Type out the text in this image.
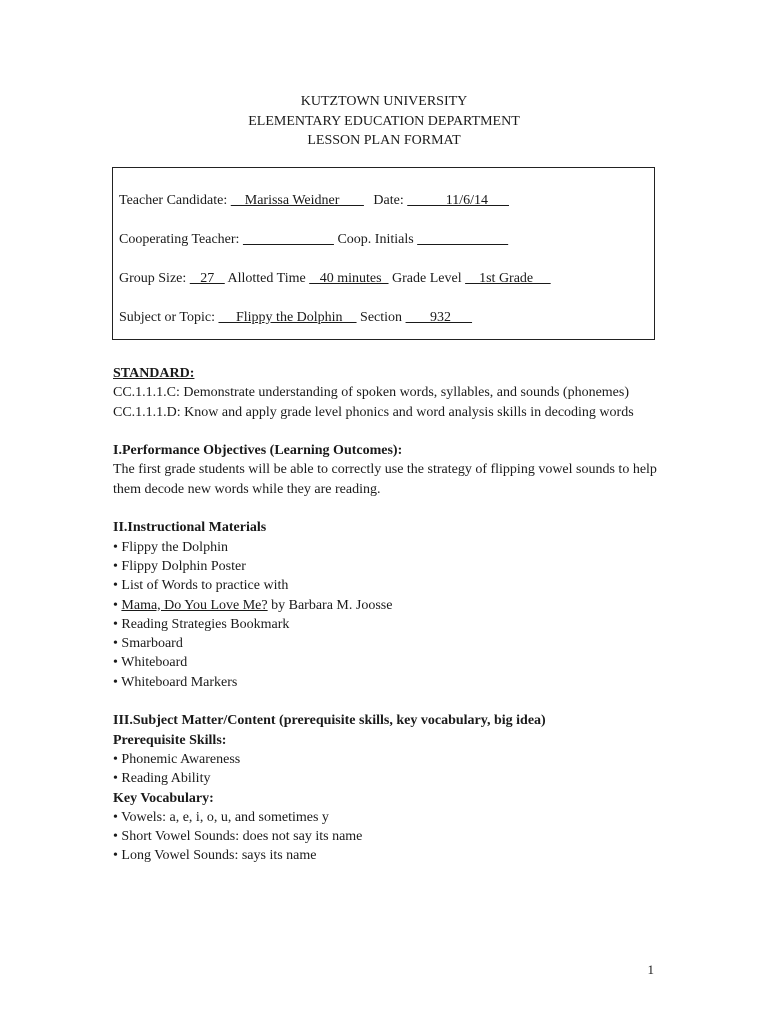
KUTZTOWN UNIVERSITY
ELEMENTARY EDUCATION DEPARTMENT
LESSON PLAN FORMAT
Teacher Candidate:     Marissa Weidner        Date:            11/6/14
Cooperating Teacher:	Coop. Initials
Group Size:    27    Allotted Time    40 minutes   Grade Level     1st Grade
Subject or Topic:      Flippy the Dolphin     Section        932

STANDARD:

CC.1.1.1.C: Demonstrate understanding of spoken words, syllables, and sounds (phonemes)

CC.1.1.1.D: Know and apply grade level phonics and word analysis skills in decoding words

I.Performance Objectives (Learning Outcomes):

The first grade students will be able to correctly use the strategy of flipping vowel sounds to help them decode new words while they are reading.

II.Instructional Materials

• Flippy the Dolphin

• Flippy Dolphin Poster

• List of Words to practice with

• Mama, Do You Love Me? by Barbara M. Joosse

• Reading Strategies Bookmark

• Smarboard

• Whiteboard

• Whiteboard Markers

III.Subject Matter/Content (prerequisite skills, key vocabulary, big idea)

Prerequisite Skills:

• Phonemic Awareness

• Reading Ability

Key Vocabulary:

• Vowels: a, e, i, o, u, and sometimes y

• Short Vowel Sounds: does not say its name

• Long Vowel Sounds: says its name

1
